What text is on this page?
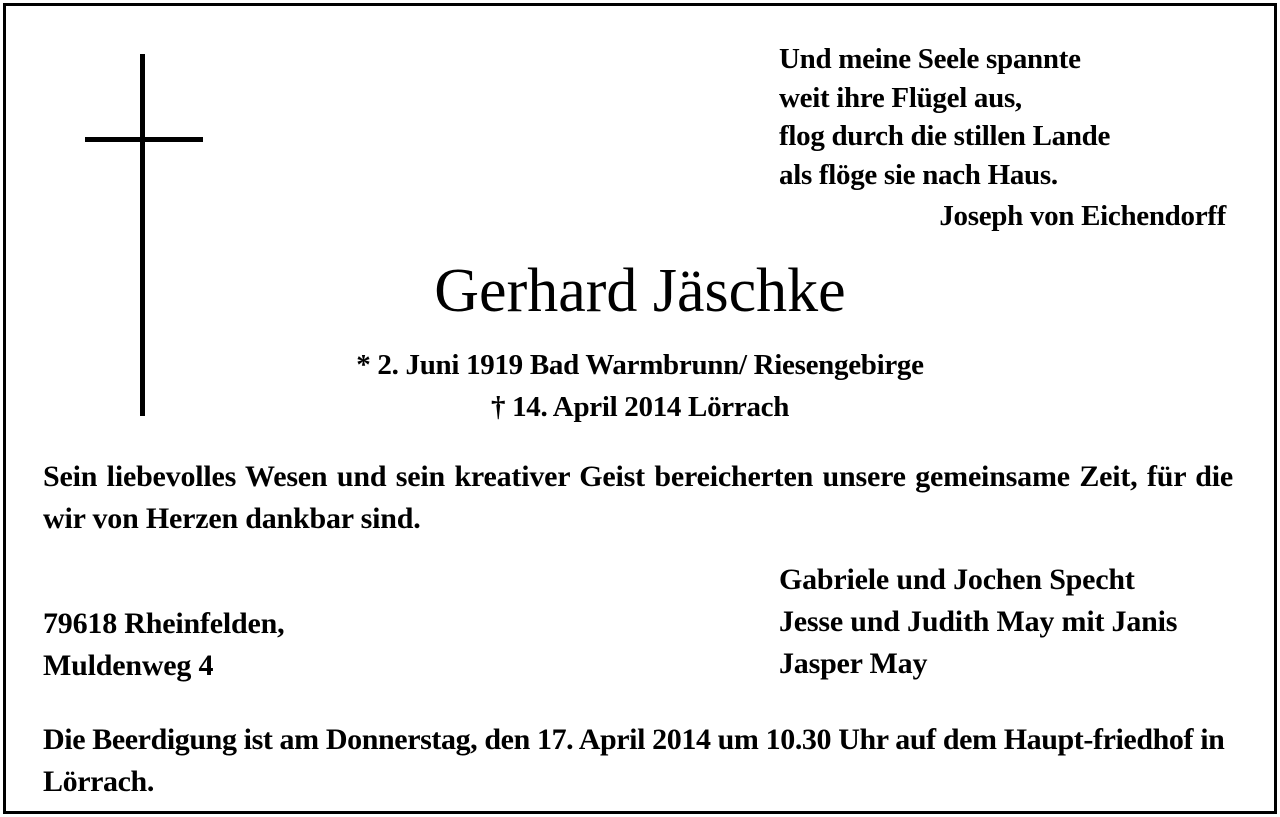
Und meine Seele spannte
weit ihre Flügel aus,
flog durch die stillen Lande
als flöge sie nach Haus.
Joseph von Eichendorff
Gerhard Jäschke
* 2. Juni 1919 Bad Warmbrunn/ Riesengebirge
† 14. April 2014 Lörrach
Sein liebevolles Wesen und sein kreativer Geist bereicherten unsere gemeinsame Zeit, für die wir von Herzen dankbar sind.
79618 Rheinfelden,
Muldenweg 4
Gabriele und Jochen Specht
Jesse und Judith May mit Janis
Jasper May
Die Beerdigung ist am Donnerstag, den 17. April 2014 um 10.30 Uhr auf dem Haupt-friedhof in Lörrach.
